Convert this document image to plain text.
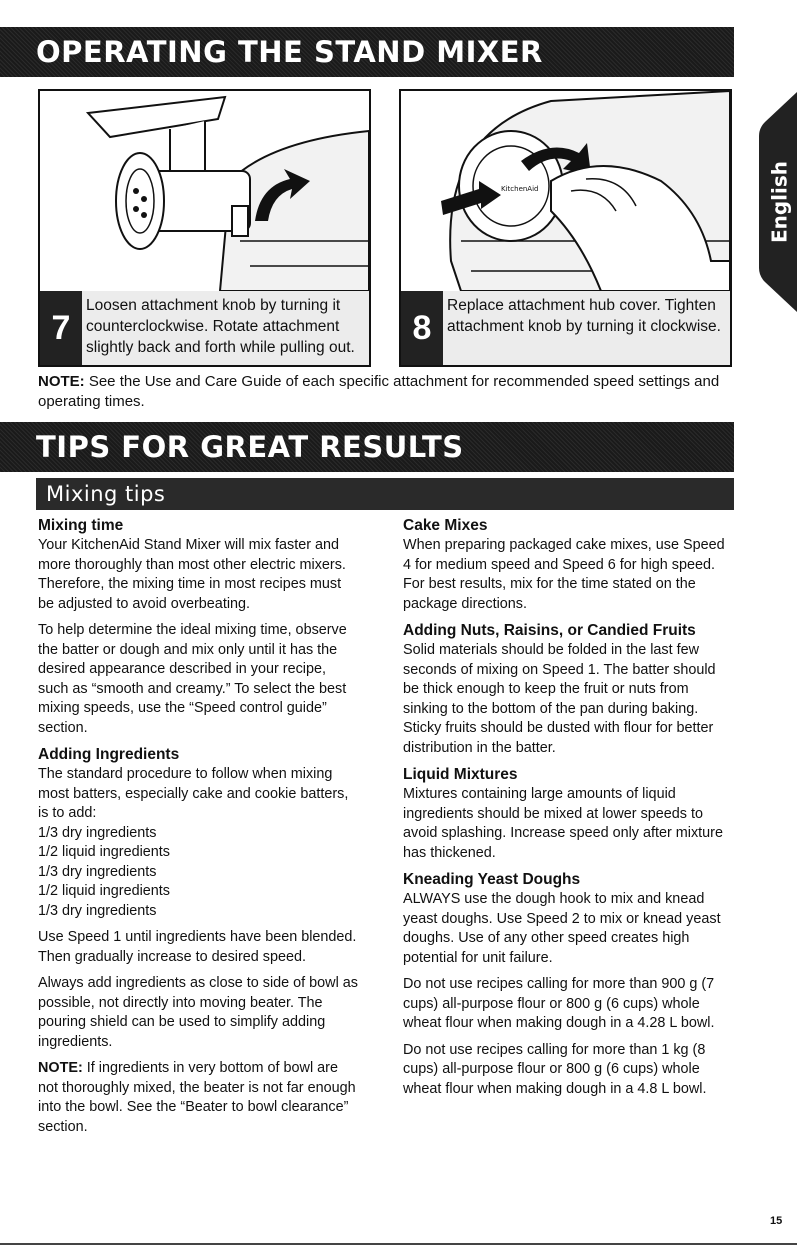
OPERATING THE STAND MIXER
English
7
Loosen attachment knob by turning it counterclockwise. Rotate attachment slightly back and forth while pulling out.
KitchenAid
8
Replace attachment hub cover. Tighten attachment knob by turning it clockwise.
NOTE: See the Use and Care Guide of each specific attachment for recommended speed settings and operating times.
TIPS FOR GREAT RESULTS
Mixing tips
Mixing time

Your KitchenAid Stand Mixer will mix faster and more thoroughly than most other electric mixers. Therefore, the mixing time in most recipes must be adjusted to avoid overbeating.

To help determine the ideal mixing time, observe the batter or dough and mix only until it has the desired appearance described in your recipe, such as “smooth and creamy.” To select the best mixing speeds, use the “Speed control guide” section.

Adding Ingredients

The standard procedure to follow when mixing most batters, especially cake and cookie batters, is to add:

1/3 dry ingredients

1/2 liquid ingredients

1/3 dry ingredients

1/2 liquid ingredients

1/3 dry ingredients

Use Speed 1 until ingredients have been blended. Then gradually increase to desired speed.

Always add ingredients as close to side of bowl as possible, not directly into moving beater. The pouring shield can be used to simplify adding ingredients.

NOTE: If ingredients in very bottom of bowl are not thoroughly mixed, the beater is not far enough into the bowl. See the “Beater to bowl clearance” section.

Cake Mixes

When preparing packaged cake mixes, use Speed 4 for medium speed and Speed 6 for high speed. For best results, mix for the time stated on the package directions.

Adding Nuts, Raisins, or Candied Fruits

Solid materials should be folded in the last few seconds of mixing on Speed 1. The batter should be thick enough to keep the fruit or nuts from sinking to the bottom of the pan during baking. Sticky fruits should be dusted with flour for better distribution in the batter.

Liquid Mixtures

Mixtures containing large amounts of liquid ingredients should be mixed at lower speeds to avoid splashing. Increase speed only after mixture has thickened.

Kneading Yeast Doughs

ALWAYS use the dough hook to mix and knead yeast doughs. Use Speed 2 to mix or knead yeast doughs. Use of any other speed creates high potential for unit failure.

Do not use recipes calling for more than 900 g (7 cups) all-purpose flour or 800 g (6 cups) whole wheat flour when making dough in a 4.28 L bowl.

Do not use recipes calling for more than 1 kg (8 cups) all-purpose flour or 800 g (6 cups) whole wheat flour when making dough in a 4.8 L bowl.

15
